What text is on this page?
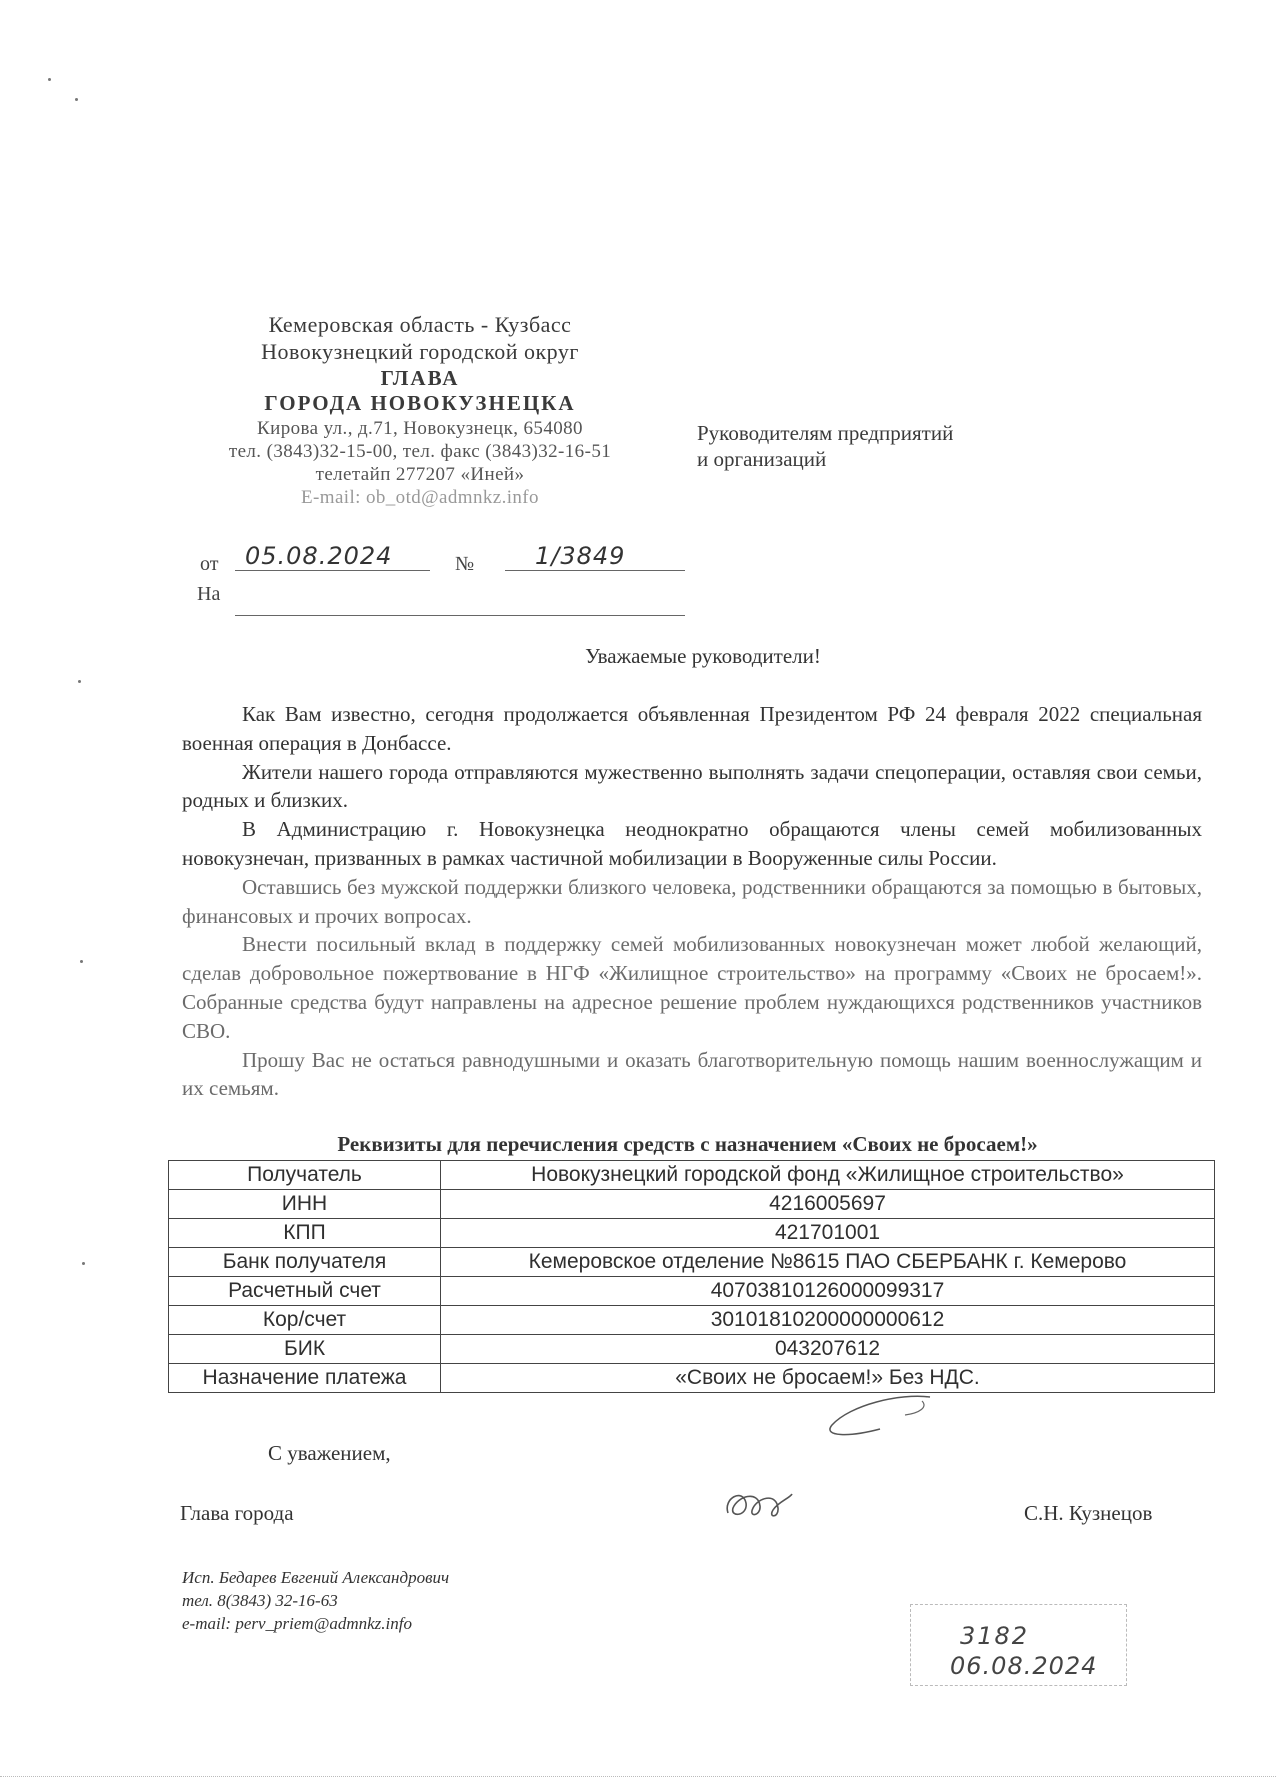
Кемеровская область - Кузбасс
Новокузнецкий городской округ
ГЛАВА
ГОРОДА НОВОКУЗНЕЦКА
Кирова ул., д.71, Новокузнецк, 654080
тел. (3843)32-15-00, тел. факс (3843)32-16-51
телетайп 277207 «Иней»
E-mail: ob_otd@admnkz.info
Руководителям предприятий
и организаций
от	05.08.2024	№	1/3849
На
Уважаемые руководители!

Как Вам известно, сегодня продолжается объявленная Президентом РФ 24 февраля 2022 специальная военная операция в Донбассе.

Жители нашего города отправляются мужественно выполнять задачи спецоперации, оставляя свои семьи, родных и близких.

В Администрацию г. Новокузнецка неоднократно обращаются члены семей мобилизованных новокузнечан, призванных в рамках частичной мобилизации в Вооруженные силы России.

Оставшись без мужской поддержки близкого человека, родственники обращаются за помощью в бытовых, финансовых и прочих вопросах.

Внести посильный вклад в поддержку семей мобилизованных новокузнечан может любой желающий, сделав добровольное пожертвование в НГФ «Жилищное строительство» на программу «Своих не бросаем!». Собранные средства будут направлены на адресное решение проблем нуждающихся родственников участников СВО.

Прошу Вас не остаться равнодушными и оказать благотворительную помощь нашим военнослужащим и их семьям.

Реквизиты для перечисления средств с назначением «Своих не бросаем!»
Получатель	Новокузнецкий городской фонд «Жилищное строительство»
ИНН	4216005697
КПП	421701001
Банк получателя	Кемеровское отделение №8615 ПАО СБЕРБАНК г. Кемерово
Расчетный счет	40703810126000099317
Кор/счет	30101810200000000612
БИК	043207612
Назначение платежа	«Своих не бросаем!» Без НДС.
С уважением,
Глава города	С.Н. Кузнецов
Исп. Бедарев Евгений Александрович
тел. 8(3843) 32-16-63
e-mail: perv_priem@admnkz.info	3182
06.08.2024
